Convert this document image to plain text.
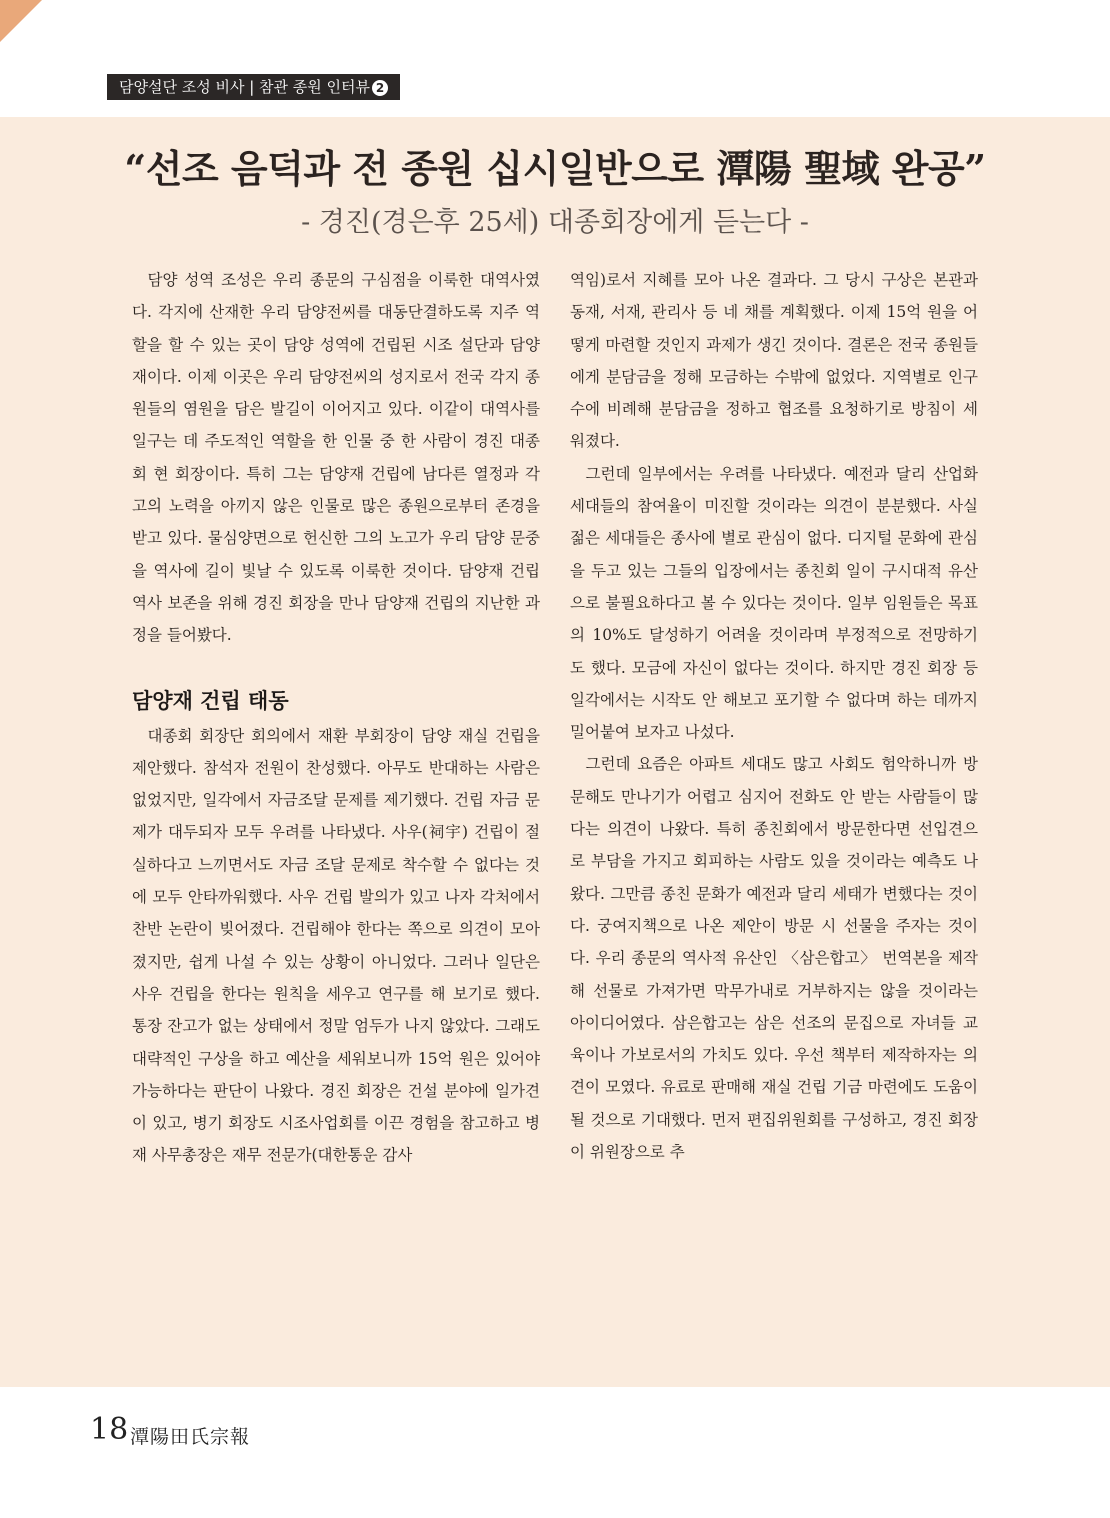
담양설단 조성 비사 | 참관 종원 인터뷰 2
“선조 음덕과 전 종원 십시일반으로 潭陽 聖域 완공”
- 경진(경은후 25세) 대종회장에게 듣는다 -

담양 성역 조성은 우리 종문의 구심점을 이룩한 대역사였다. 각지에 산재한 우리 담양전씨를 대동단결하도록 지주 역할을 할 수 있는 곳이 담양 성역에 건립된 시조 설단과 담양재이다. 이제 이곳은 우리 담양전씨의 성지로서 전국 각지 종원들의 염원을 담은 발길이 이어지고 있다. 이같이 대역사를 일구는 데 주도적인 역할을 한 인물 중 한 사람이 경진 대종회 현 회장이다. 특히 그는 담양재 건립에 남다른 열정과 각고의 노력을 아끼지 않은 인물로 많은 종원으로부터 존경을 받고 있다. 물심양면으로 헌신한 그의 노고가 우리 담양 문중을 역사에 길이 빛날 수 있도록 이룩한 것이다. 담양재 건립 역사 보존을 위해 경진 회장을 만나 담양재 건립의 지난한 과정을 들어봤다.

담양재 건립 태동

대종회 회장단 회의에서 재환 부회장이 담양 재실 건립을 제안했다. 참석자 전원이 찬성했다. 아무도 반대하는 사람은 없었지만, 일각에서 자금조달 문제를 제기했다. 건립 자금 문제가 대두되자 모두 우려를 나타냈다. 사우(祠宇) 건립이 절실하다고 느끼면서도 자금 조달 문제로 착수할 수 없다는 것에 모두 안타까워했다. 사우 건립 발의가 있고 나자 각처에서 찬반 논란이 빚어졌다. 건립해야 한다는 쪽으로 의견이 모아졌지만, 쉽게 나설 수 있는 상황이 아니었다. 그러나 일단은 사우 건립을 한다는 원칙을 세우고 연구를 해 보기로 했다. 통장 잔고가 없는 상태에서 정말 엄두가 나지 않았다. 그래도 대략적인 구상을 하고 예산을 세워보니까 15억 원은 있어야 가능하다는 판단이 나왔다. 경진 회장은 건설 분야에 일가견이 있고, 병기 회장도 시조사업회를 이끈 경험을 참고하고 병재 사무총장은 재무 전문가(대한통운 감사

역임)로서 지혜를 모아 나온 결과다. 그 당시 구상은 본관과 동재, 서재, 관리사 등 네 채를 계획했다. 이제 15억 원을 어떻게 마련할 것인지 과제가 생긴 것이다. 결론은 전국 종원들에게 분담금을 정해 모금하는 수밖에 없었다. 지역별로 인구수에 비례해 분담금을 정하고 협조를 요청하기로 방침이 세워졌다.

그런데 일부에서는 우려를 나타냈다. 예전과 달리 산업화 세대들의 참여율이 미진할 것이라는 의견이 분분했다. 사실 젊은 세대들은 종사에 별로 관심이 없다. 디지털 문화에 관심을 두고 있는 그들의 입장에서는 종친회 일이 구시대적 유산으로 불필요하다고 볼 수 있다는 것이다. 일부 임원들은 목표의 10%도 달성하기 어려울 것이라며 부정적으로 전망하기도 했다. 모금에 자신이 없다는 것이다. 하지만 경진 회장 등 일각에서는 시작도 안 해보고 포기할 수 없다며 하는 데까지 밀어붙여 보자고 나섰다.

그런데 요즘은 아파트 세대도 많고 사회도 험악하니까 방문해도 만나기가 어렵고 심지어 전화도 안 받는 사람들이 많다는 의견이 나왔다. 특히 종친회에서 방문한다면 선입견으로 부담을 가지고 회피하는 사람도 있을 것이라는 예측도 나왔다. 그만큼 종친 문화가 예전과 달리 세태가 변했다는 것이다. 궁여지책으로 나온 제안이 방문 시 선물을 주자는 것이다. 우리 종문의 역사적 유산인 〈삼은합고〉 번역본을 제작해 선물로 가져가면 막무가내로 거부하지는 않을 것이라는 아이디어였다. 삼은합고는 삼은 선조의 문집으로 자녀들 교육이나 가보로서의 가치도 있다. 우선 책부터 제작하자는 의견이 모였다. 유료로 판매해 재실 건립 기금 마련에도 도움이 될 것으로 기대했다. 먼저 편집위원회를 구성하고, 경진 회장이 위원장으로 추

18 潭陽田氏宗報
